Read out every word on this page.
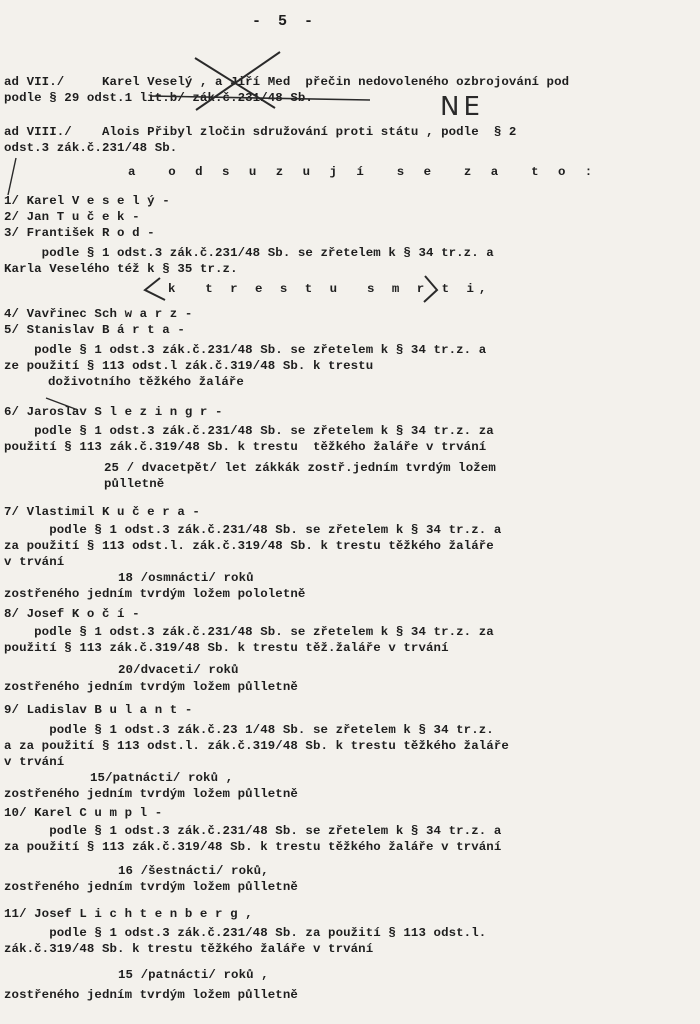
- 5 -
ad VII./     Karel Veselý , a Jiří Med  přečin nedovoleného ozbrojování pod
podle § 29 odst.1 lit.b/ zák.č.231/48 Sb.	NE
ad VIII./    Alois Přibyl zločin sdružování proti státu , podle  § 2
odst.3 zák.č.231/48 Sb.
a  o d s u z u j í  s e  z a  t o :
1/ Karel V e s e l ý -
2/ Jan T u č e k -
3/ František R o d -
podle § 1 odst.3 zák.č.231/48 Sb. se zřetelem k § 34 tr.z. a
Karla Veselého též k § 35 tr.z.
k  t r e s t u  s m r t i,
4/ Vavřinec Sch w a r z -
5/ Stanislav B á r t a -
podle § 1 odst.3 zák.č.231/48 Sb. se zřetelem k § 34 tr.z. a
ze použití § 113 odst.l zák.č.319/48 Sb. k trestu
doživotního těžkého žaláře
6/ Jaroslav S l e z i n g r -
podle § 1 odst.3 zák.č.231/48 Sb. se zřetelem k § 34 tr.z. za
použití § 113 zák.č.319/48 Sb. k trestu  těžkého žaláře v trvání
25 / dvacetpět/ let zákkák zostř.jedním tvrdým ložem
půlletně
7/ Vlastimil K u č e r a -
podle § 1 odst.3 zák.č.231/48 Sb. se zřetelem k § 34 tr.z. a
za použití § 113 odst.l. zák.č.319/48 Sb. k trestu těžkého žaláře
v trvání
18 /osmnácti/ roků
zostřeného jedním tvrdým ložem pololetně
8/ Josef K o č í -
podle § 1 odst.3 zák.č.231/48 Sb. se zřetelem k § 34 tr.z. za
použití § 113 zák.č.319/48 Sb. k trestu těž.žaláře v trvání
20/dvaceti/ roků
zostřeného jedním tvrdým ložem půlletně
9/ Ladislav B u l a n t -
podle § 1 odst.3 zák.č.23 1/48 Sb. se zřetelem k § 34 tr.z.
a za použití § 113 odst.l. zák.č.319/48 Sb. k trestu těžkého žaláře
v trvání
15/patnácti/ roků ,
zostřeného jedním tvrdým ložem půlletně
10/ Karel C u m p l -
podle § 1 odst.3 zák.č.231/48 Sb. se zřetelem k § 34 tr.z. a
za použití § 113 zák.č.319/48 Sb. k trestu těžkého žaláře v trvání
16 /šestnácti/ roků,
zostřeného jedním tvrdým ložem půlletně
11/ Josef L i c h t e n b e r g ,
podle § 1 odst.3 zák.č.231/48 Sb. za použití § 113 odst.l.
zák.č.319/48 Sb. k trestu těžkého žaláře v trvání
15 /patnácti/ roků ,
zostřeného jedním tvrdým ložem půlletně
